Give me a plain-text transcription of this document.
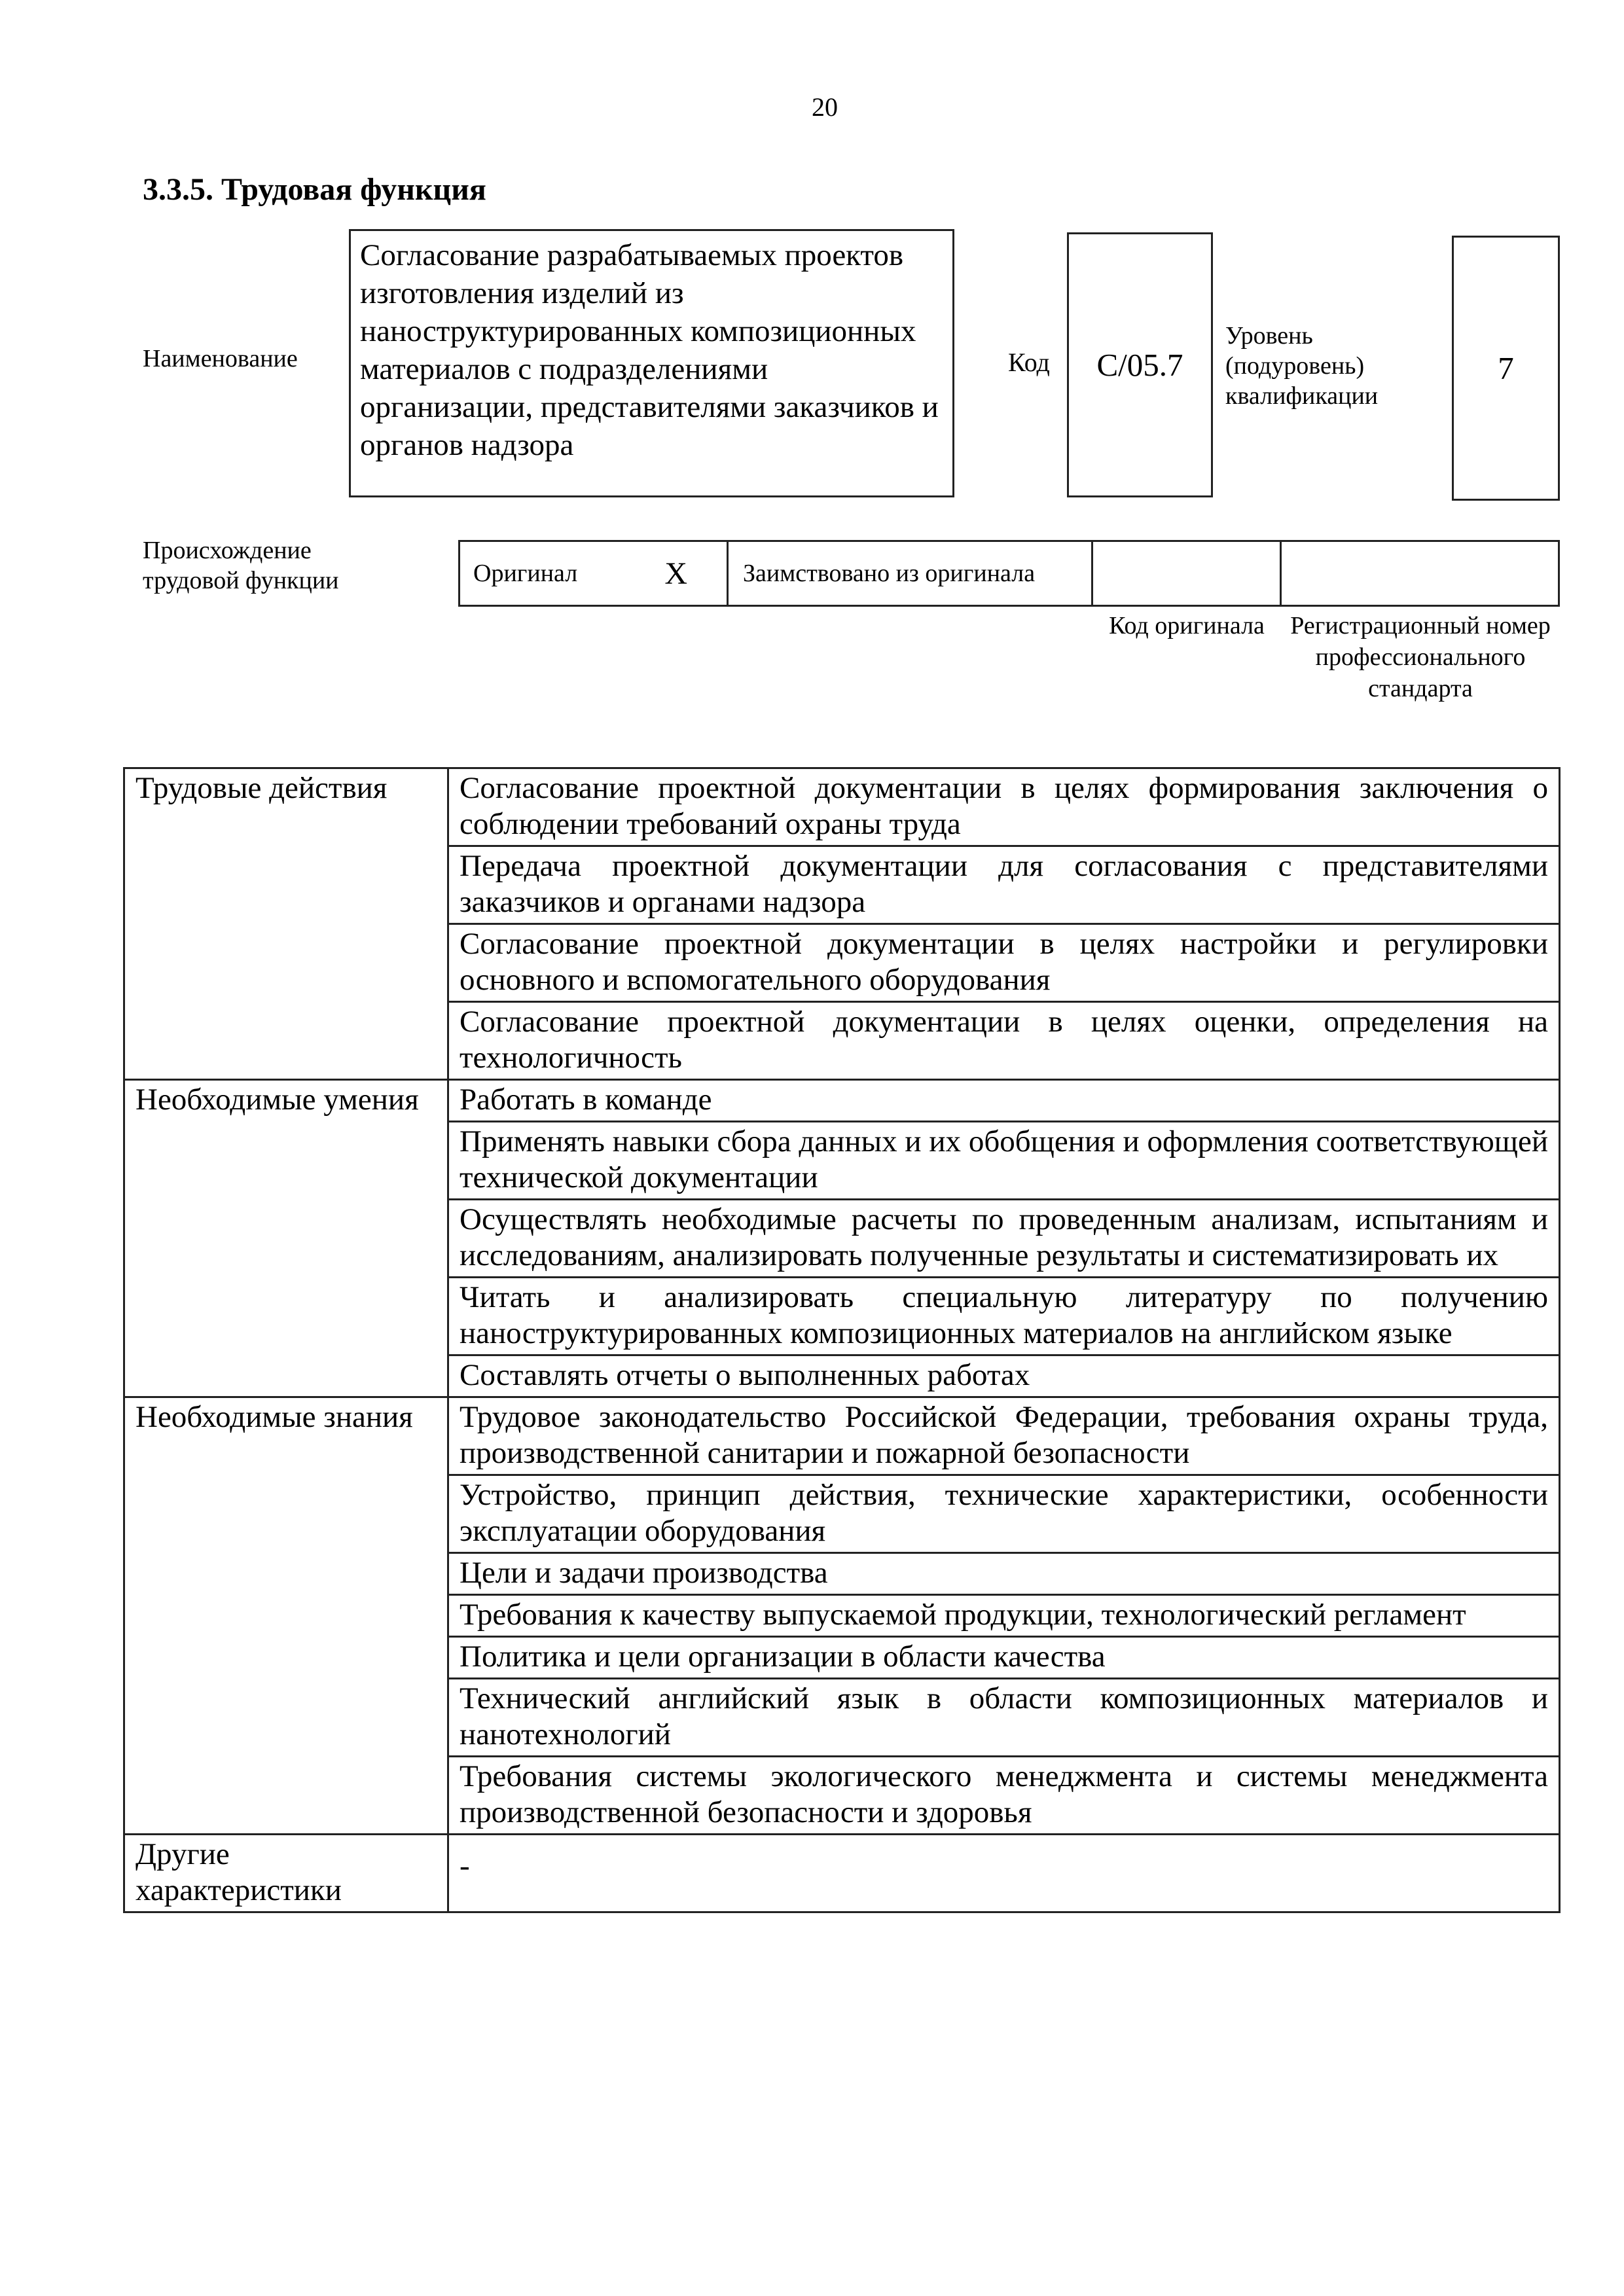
20
3.3.5. Трудовая функция
Наименование
Согласование разрабатываемых проектов изготовления изделий из наноструктурированных композиционных материалов с подразделениями организации, представителями заказчиков и органов надзора
Код C/05.7
Уровень (подуровень) квалификации
7
Происхождение трудовой функции	Оригинал	X Заимствовано из оригинала
Код оригинала	Регистрационный номер профессионального стандарта
Трудовые действия	Согласование проектной документации в целях формирования заключения о соблюдении требований охраны труда
	Передача проектной документации для согласования с представителями заказчиков и органами надзора
	Согласование проектной документации в целях настройки и регулировки основного и вспомогательного оборудования
	Согласование проектной документации в целях оценки, определения на технологичность
Необходимые умения	Работать в команде
	Применять навыки сбора данных и их обобщения и оформления соответствующей технической документации
	Осуществлять необходимые расчеты по проведенным анализам, испытаниям и исследованиям, анализировать полученные результаты и систематизировать их
	Читать и анализировать специальную литературу по получению наноструктурированных композиционных материалов на английском языке
	Составлять отчеты о выполненных работах
Необходимые знания	Трудовое законодательство Российской Федерации, требования охраны труда, производственной санитарии и пожарной безопасности
	Устройство, принцип действия, технические характеристики, особенности эксплуатации оборудования
	Цели и задачи производства
	Требования к качеству выпускаемой продукции, технологический регламент
	Политика и цели организации в области качества
	Технический английский язык в области композиционных материалов и нанотехнологий
	Требования системы экологического менеджмента и системы менеджмента производственной безопасности и здоровья
Другие характеристики	-
